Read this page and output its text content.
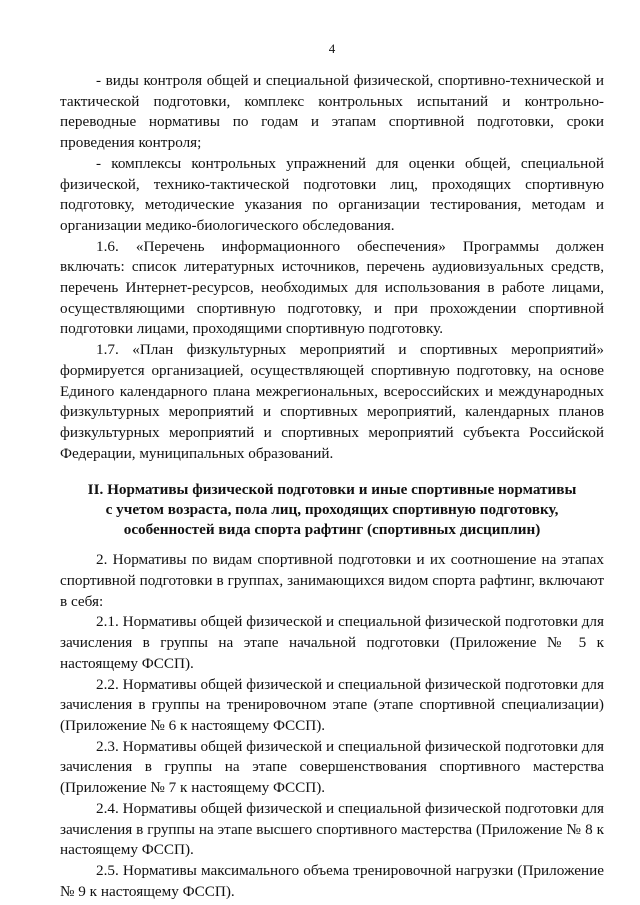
4

- виды контроля общей и специальной физической, спортивно-технической и тактической подготовки, комплекс контрольных испытаний и контрольно-переводные нормативы по годам и этапам спортивной подготовки, сроки проведения контроля;

- комплексы контрольных упражнений для оценки общей, специальной физической, технико-тактической подготовки лиц, проходящих спортивную подготовку, методические указания по организации тестирования, методам и организации медико-биологического обследования.

1.6. «Перечень информационного обеспечения» Программы должен включать: список литературных источников, перечень аудиовизуальных средств, перечень Интернет-ресурсов, необходимых для использования в работе лицами, осуществляющими спортивную подготовку, и при прохождении спортивной подготовки лицами, проходящими спортивную подготовку.

1.7. «План физкультурных мероприятий и спортивных мероприятий» формируется организацией, осуществляющей спортивную подготовку, на основе Единого календарного плана межрегиональных, всероссийских и международных физкультурных мероприятий и спортивных мероприятий, календарных планов физкультурных мероприятий и спортивных мероприятий субъекта Российской Федерации, муниципальных образований.

II. Нормативы физической подготовки и иные спортивные нормативы
с учетом возраста, пола лиц, проходящих спортивную подготовку,
особенностей вида спорта рафтинг (спортивных дисциплин)

2. Нормативы по видам спортивной подготовки и их соотношение на этапах спортивной подготовки в группах, занимающихся видом спорта рафтинг, включают в себя:

2.1. Нормативы общей физической и специальной физической подготовки для зачисления в группы на этапе начальной подготовки (Приложение № 5 к настоящему ФССП).

2.2. Нормативы общей физической и специальной физической подготовки для зачисления в группы на тренировочном этапе (этапе спортивной специализации) (Приложение № 6 к настоящему ФССП).

2.3. Нормативы общей физической и специальной физической подготовки для зачисления в группы на этапе совершенствования спортивного мастерства (Приложение № 7 к настоящему ФССП).

2.4. Нормативы общей физической и специальной физической подготовки для зачисления в группы на этапе высшего спортивного мастерства (Приложение № 8 к настоящему ФССП).

2.5. Нормативы максимального объема тренировочной нагрузки (Приложение № 9 к настоящему ФССП).
